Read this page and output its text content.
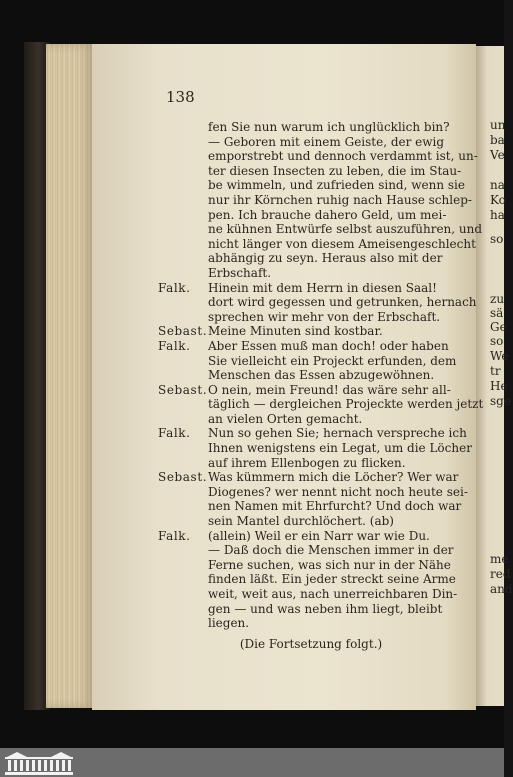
un
ba
Ve
na
Ko
ha
so
zu
sä
Ge
so
We
tr
He
sge
me
red
and
138
fen Sie nun warum ich unglücklich bin?
— Geboren mit einem Geiste, der ewig
emporstrebt und dennoch verdammt ist, un-
ter diesen Insecten zu leben, die im Stau-
be wimmeln, und zufrieden sind, wenn sie
nur ihr Körnchen ruhig nach Hause schlep-
pen. Ich brauche dahero Geld, um mei-
ne kühnen Entwürfe selbst auszuführen, und
nicht länger von diesem Ameisengeschlecht
abhängig zu seyn. Heraus also mit der
Erbschaft.
Falk.	Hinein mit dem Herrn in diesen Saal!
dort wird gegessen und getrunken, hernach
sprechen wir mehr von der Erbschaft.
Sebast. Meine Minuten sind kostbar.
Falk.	Aber Essen muß man doch! oder haben
Sie vielleicht ein Projeckt erfunden, dem
Menschen das Essen abzugewöhnen.
Sebast. O nein, mein Freund! das wäre sehr all-
täglich — dergleichen Projeckte werden jetzt
an vielen Orten gemacht.
Falk.	Nun so gehen Sie; hernach verspreche ich
Ihnen wenigstens ein Legat, um die Löcher
auf ihrem Ellenbogen zu flicken.
Sebast. Was kümmern mich die Löcher? Wer war
Diogenes? wer nennt nicht noch heute sei-
nen Namen mit Ehrfurcht? Und doch war
sein Mantel durchlöchert. (ab)
Falk.	(allein) Weil er ein Narr war wie Du.
— Daß doch die Menschen immer in der
Ferne suchen, was sich nur in der Nähe
finden läßt. Ein jeder streckt seine Arme
weit, weit aus, nach unerreichbaren Din-
gen — und was neben ihm liegt, bleibt
liegen.
(Die Fortsetzung folgt.)
